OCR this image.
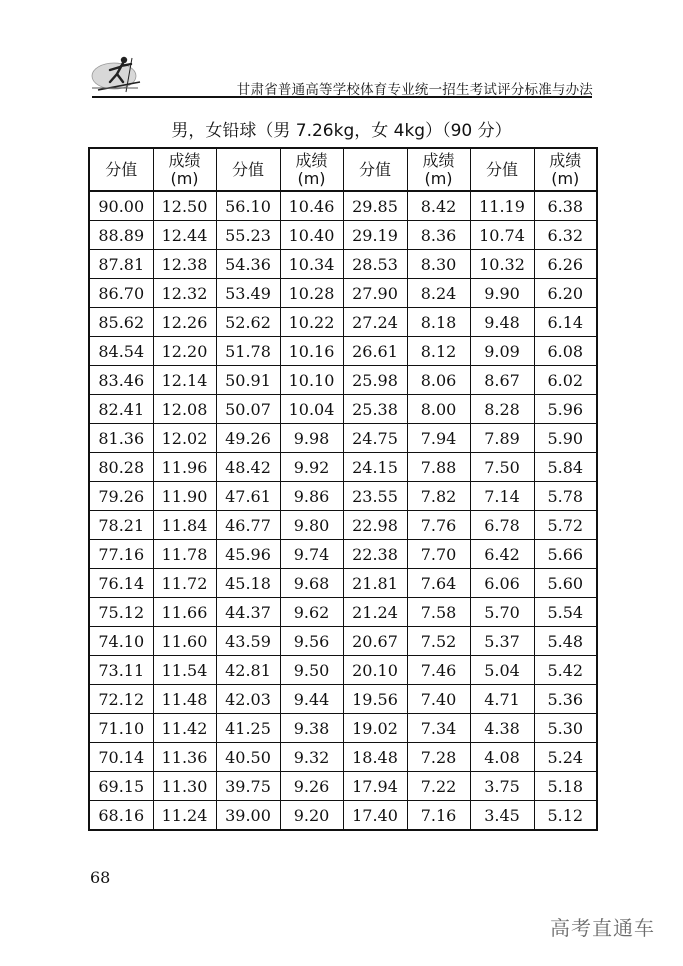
甘肃省普通高等学校体育专业统一招生考试评分标准与办法
男，女铅球（男 7.26kg，女 4kg）（90 分）
分值	成绩 (m)	分值	成绩 (m)	分值	成绩 (m)	分值	成绩 (m)
90.00	12.50	56.10	10.46	29.85	8.42	11.19	6.38
88.89	12.44	55.23	10.40	29.19	8.36	10.74	6.32
87.81	12.38	54.36	10.34	28.53	8.30	10.32	6.26
86.70	12.32	53.49	10.28	27.90	8.24	9.90	6.20
85.62	12.26	52.62	10.22	27.24	8.18	9.48	6.14
84.54	12.20	51.78	10.16	26.61	8.12	9.09	6.08
83.46	12.14	50.91	10.10	25.98	8.06	8.67	6.02
82.41	12.08	50.07	10.04	25.38	8.00	8.28	5.96
81.36	12.02	49.26	9.98	24.75	7.94	7.89	5.90
80.28	11.96	48.42	9.92	24.15	7.88	7.50	5.84
79.26	11.90	47.61	9.86	23.55	7.82	7.14	5.78
78.21	11.84	46.77	9.80	22.98	7.76	6.78	5.72
77.16	11.78	45.96	9.74	22.38	7.70	6.42	5.66
76.14	11.72	45.18	9.68	21.81	7.64	6.06	5.60
75.12	11.66	44.37	9.62	21.24	7.58	5.70	5.54
74.10	11.60	43.59	9.56	20.67	7.52	5.37	5.48
73.11	11.54	42.81	9.50	20.10	7.46	5.04	5.42
72.12	11.48	42.03	9.44	19.56	7.40	4.71	5.36
71.10	11.42	41.25	9.38	19.02	7.34	4.38	5.30
70.14	11.36	40.50	9.32	18.48	7.28	4.08	5.24
69.15	11.30	39.75	9.26	17.94	7.22	3.75	5.18
68.16	11.24	39.00	9.20	17.40	7.16	3.45	5.12
68
高考直通车
